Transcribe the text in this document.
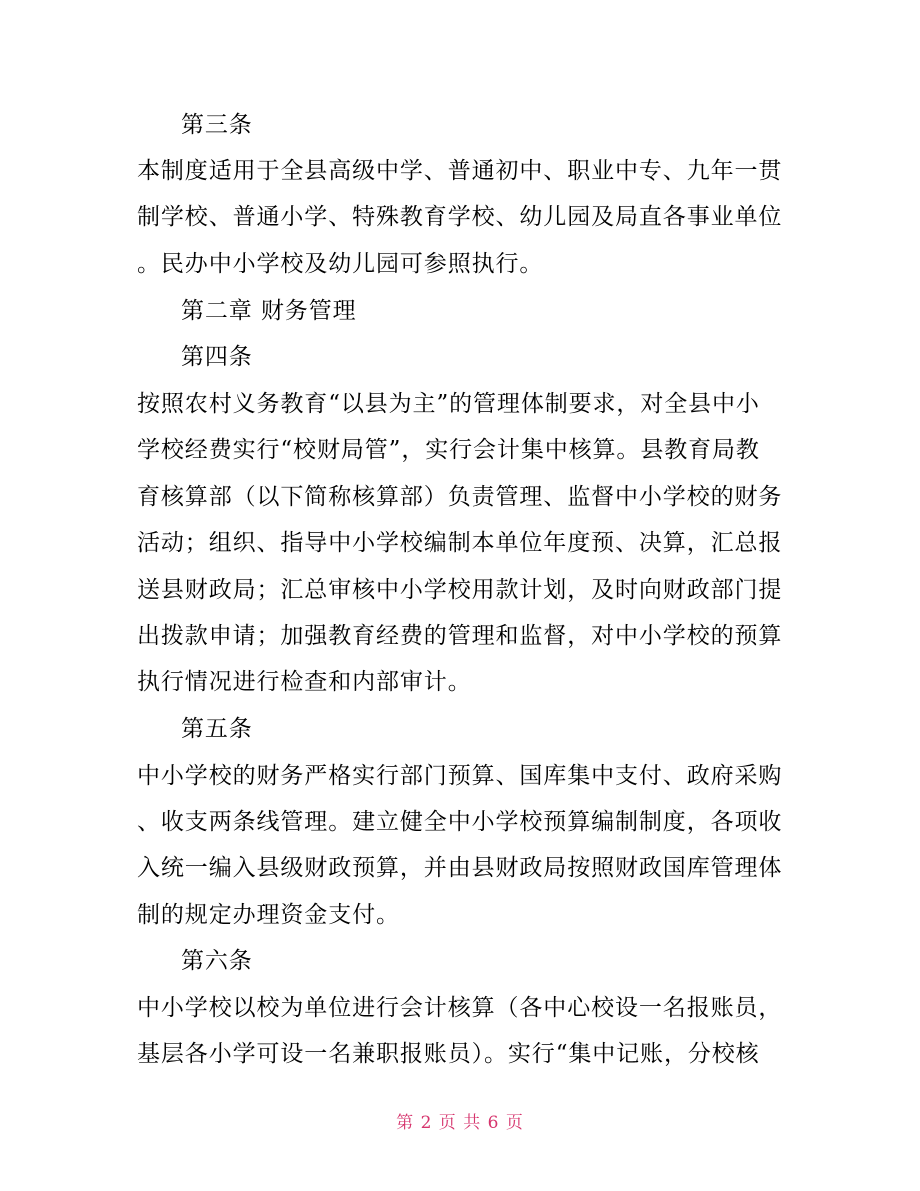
第三条
本制度适用于全县高级中学、普通初中、职业中专、九年一贯
制学校、普通小学、特殊教育学校、幼儿园及局直各事业单位
。民办中小学校及幼儿园可参照执行。
第二章 财务管理
第四条
按照农村义务教育“以县为主”的管理体制要求，对全县中小
学校经费实行“校财局管”，实行会计集中核算。县教育局教
育核算部（以下简称核算部）负责管理、监督中小学校的财务
活动；组织、指导中小学校编制本单位年度预、决算，汇总报
送县财政局；汇总审核中小学校用款计划，及时向财政部门提
出拨款申请；加强教育经费的管理和监督，对中小学校的预算
执行情况进行检查和内部审计。
第五条
中小学校的财务严格实行部门预算、国库集中支付、政府采购
、收支两条线管理。建立健全中小学校预算编制制度，各项收
入统一编入县级财政预算，并由县财政局按照财政国库管理体
制的规定办理资金支付。
第六条
中小学校以校为单位进行会计核算（各中心校设一名报账员，
基层各小学可设一名兼职报账员）。实行“集中记账，分校核
第 2 页 共 6 页
